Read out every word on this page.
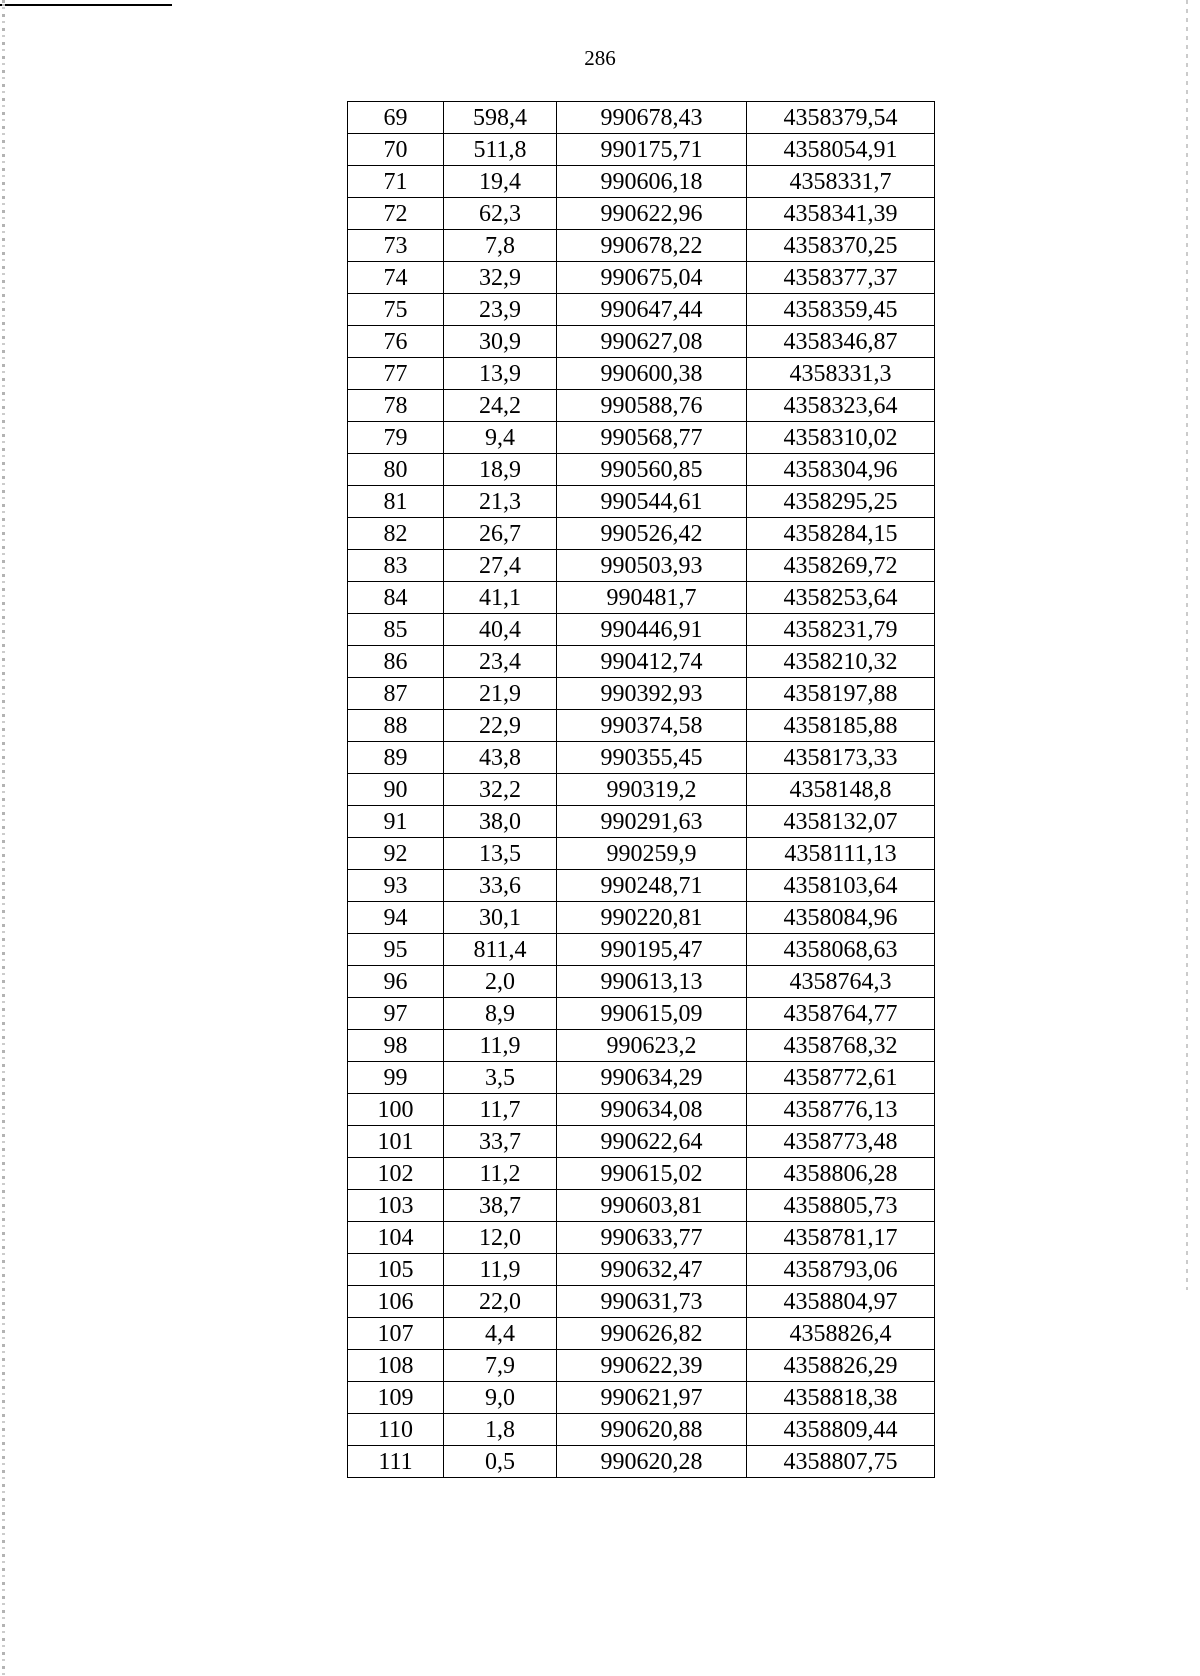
286
69	598,4	990678,43	4358379,54
70	511,8	990175,71	4358054,91
71	19,4	990606,18	4358331,7
72	62,3	990622,96	4358341,39
73	7,8	990678,22	4358370,25
74	32,9	990675,04	4358377,37
75	23,9	990647,44	4358359,45
76	30,9	990627,08	4358346,87
77	13,9	990600,38	4358331,3
78	24,2	990588,76	4358323,64
79	9,4	990568,77	4358310,02
80	18,9	990560,85	4358304,96
81	21,3	990544,61	4358295,25
82	26,7	990526,42	4358284,15
83	27,4	990503,93	4358269,72
84	41,1	990481,7	4358253,64
85	40,4	990446,91	4358231,79
86	23,4	990412,74	4358210,32
87	21,9	990392,93	4358197,88
88	22,9	990374,58	4358185,88
89	43,8	990355,45	4358173,33
90	32,2	990319,2	4358148,8
91	38,0	990291,63	4358132,07
92	13,5	990259,9	4358111,13
93	33,6	990248,71	4358103,64
94	30,1	990220,81	4358084,96
95	811,4	990195,47	4358068,63
96	2,0	990613,13	4358764,3
97	8,9	990615,09	4358764,77
98	11,9	990623,2	4358768,32
99	3,5	990634,29	4358772,61
100	11,7	990634,08	4358776,13
101	33,7	990622,64	4358773,48
102	11,2	990615,02	4358806,28
103	38,7	990603,81	4358805,73
104	12,0	990633,77	4358781,17
105	11,9	990632,47	4358793,06
106	22,0	990631,73	4358804,97
107	4,4	990626,82	4358826,4
108	7,9	990622,39	4358826,29
109	9,0	990621,97	4358818,38
110	1,8	990620,88	4358809,44
111	0,5	990620,28	4358807,75
